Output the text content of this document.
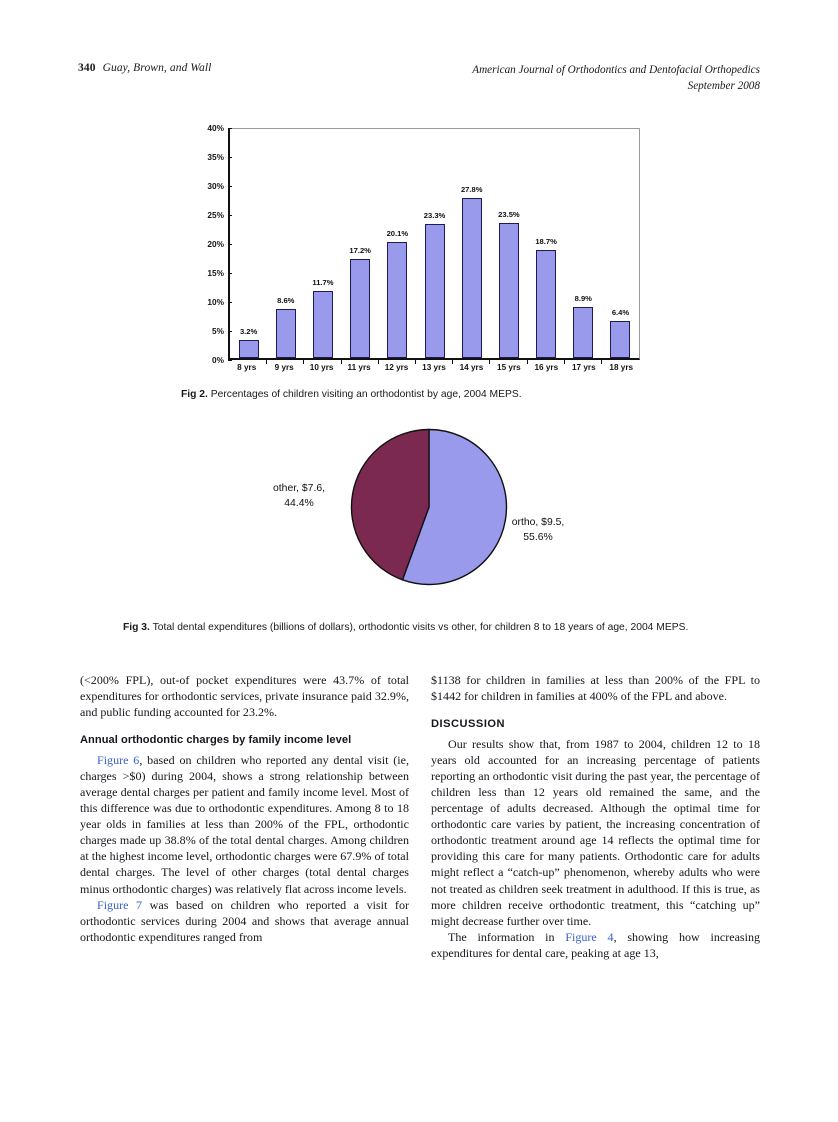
340 Guay, Brown, and Wall	American Journal of Orthodontics and Dentofacial Orthopedics
September 2008
40%
35%
30%
25%
20%
15%
10%
5%
0%
3.2%
8.6%
11.7%
17.2%
20.1%
23.3%
27.8%
23.5%
18.7%
8.9%
6.4%
8 yrs	9 yrs	10 yrs	11 yrs	12 yrs	13 yrs	14 yrs	15 yrs	16 yrs	17 yrs	18 yrs
Fig 2. Percentages of children visiting an orthodontist by age, 2004 MEPS.
other, $7.6,
44.4%
ortho, $9.5,
55.6%
Fig 3. Total dental expenditures (billions of dollars), orthodontic visits vs other, for children 8 to 18 years of age, 2004 MEPS.

(<200% FPL), out-of pocket expenditures were 43.7% of total expenditures for orthodontic services, private insurance paid 32.9%, and public funding accounted for 23.2%.

Annual orthodontic charges by family income level

Figure 6, based on children who reported any dental visit (ie, charges >$0) during 2004, shows a strong relationship between average dental charges per patient and family income level. Most of this difference was due to orthodontic expenditures. Among 8 to 18 year olds in families at less than 200% of the FPL, orthodontic charges made up 38.8% of the total dental charges. Among children at the highest income level, orthodontic charges were 67.9% of total dental charges. The level of other charges (total dental charges minus orthodontic charges) was relatively flat across income levels.

Figure 7 was based on children who reported a visit for orthodontic services during 2004 and shows that average annual orthodontic expenditures ranged from

$1138 for children in families at less than 200% of the FPL to $1442 for children in families at 400% of the FPL and above.

DISCUSSION

Our results show that, from 1987 to 2004, children 12 to 18 years old accounted for an increasing percentage of patients reporting an orthodontic visit during the past year, the percentage of children less than 12 years old remained the same, and the percentage of adults decreased. Although the optimal time for orthodontic care varies by patient, the increasing concentration of orthodontic treatment around age 14 reflects the optimal time for providing this care for many patients. Orthodontic care for adults might reflect a “catch-up” phenomenon, whereby adults who were not treated as children seek treatment in adulthood. If this is true, as more children receive orthodontic treatment, this “catching up” might decrease further over time.

The information in Figure 4, showing how increasing expenditures for dental care, peaking at age 13,
